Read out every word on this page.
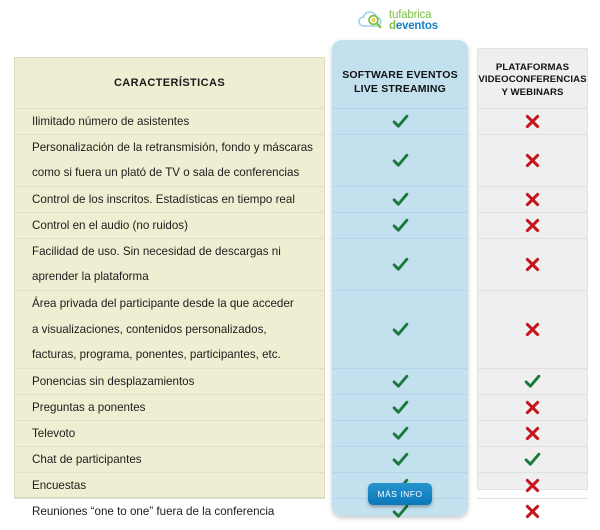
tufabrica
deventos
CARACTERÍSTICAS
SOFTWARE EVENTOS
LIVE STREAMING
PLATAFORMAS
VIDEOCONFERENCIAS
Y WEBINARS
Ilimitado número de asistentes
Personalización de la retransmisión, fondo y máscaras
como si fuera un plató de TV o sala de conferencias
Control de los inscritos. Estadísticas en tiempo real
Control en el audio (no ruidos)
Facilidad de uso. Sin necesidad de descargas ni
aprender la plataforma
Área privada del participante desde la que acceder
a visualizaciones, contenidos personalizados,
facturas, programa, ponentes, participantes, etc.
Ponencias sin desplazamientos
Preguntas a ponentes
Televoto
Chat de participantes
Encuestas
Reuniones “one to one” fuera de la conferencia
MÁS INFO
